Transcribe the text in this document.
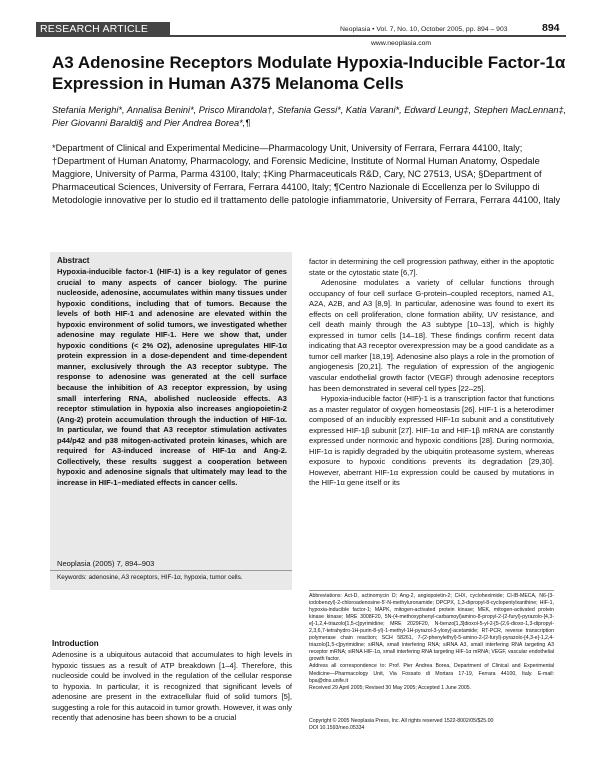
RESEARCH ARTICLE	Neoplasia • Vol. 7, No. 10, October 2005, pp. 894 – 903	894
www.neoplasia.com
A3 Adenosine Receptors Modulate Hypoxia-Inducible Factor-1α Expression in Human A375 Melanoma Cells
Stefania Merighi*, Annalisa Benini*, Prisco Mirandola†, Stefania Gessi*, Katia Varani*, Edward Leung‡, Stephen MacLennan‡, Pier Giovanni Baraldi§ and Pier Andrea Borea*,¶
*Department of Clinical and Experimental Medicine—Pharmacology Unit, University of Ferrara, Ferrara 44100, Italy; †Department of Human Anatomy, Pharmacology, and Forensic Medicine, Institute of Normal Human Anatomy, Ospedale Maggiore, University of Parma, Parma 43100, Italy; ‡King Pharmaceuticals R&D, Cary, NC 27513, USA; §Department of Pharmaceutical Sciences, University of Ferrara, Ferrara 44100, Italy; ¶Centro Nazionale di Eccellenza per lo Sviluppo di Metodologie innovative per lo studio ed il trattamento delle patologie infiammatorie, University of Ferrara, Ferrara 44100, Italy
Abstract
Hypoxia-inducible factor-1 (HIF-1) is a key regulator of genes crucial to many aspects of cancer biology. The purine nucleoside, adenosine, accumulates within many tissues under hypoxic conditions, including that of tumors. Because the levels of both HIF-1 and adenosine are elevated within the hypoxic environment of solid tumors, we investigated whether adenosine may regulate HIF-1. Here we show that, under hypoxic conditions (< 2% O2), adenosine upregulates HIF-1α protein expression in a dose-dependent and time-dependent manner, exclusively through the A3 receptor subtype. The response to adenosine was generated at the cell surface because the inhibition of A3 receptor expression, by using small interfering RNA, abolished nucleoside effects. A3 receptor stimulation in hypoxia also increases angiopoietin-2 (Ang-2) protein accumulation through the induction of HIF-1α. In particular, we found that A3 receptor stimulation activates p44/p42 and p38 mitogen-activated protein kinases, which are required for A3-induced increase of HIF-1α and Ang-2. Collectively, these results suggest a cooperation between hypoxic and adenosine signals that ultimately may lead to the increase in HIF-1–mediated effects in cancer cells.
Neoplasia (2005) 7, 894–903
Keywords: adenosine, A3 receptors, HIF-1α, hypoxia, tumor cells.

factor in determining the cell progression pathway, either in the apoptotic state or the cytostatic state [6,7].

Adenosine modulates a variety of cellular functions through occupancy of four cell surface G-protein–coupled receptors, named A1, A2A, A2B, and A3 [8,9]. In particular, adenosine was found to exert its effects on cell proliferation, clone formation ability, UV resistance, and cell death mainly through the A3 subtype [10–13], which is highly expressed in tumor cells [14–18]. These findings confirm recent data indicating that A3 receptor overexpression may be a good candidate as a tumor cell marker [18,19]. Adenosine also plays a role in the promotion of angiogenesis [20,21]. The regulation of expression of the angiogenic vascular endothelial growth factor (VEGF) through adenosine receptors has been demonstrated in several cell types [22–25].

Hypoxia-inducible factor (HIF)-1 is a transcription factor that functions as a master regulator of oxygen homeostasis [26]. HIF-1 is a heterodimer composed of an inducibly expressed HIF-1α subunit and a constitutively expressed HIF-1β subunit [27]. HIF-1α and HIF-1β mRNA are constantly expressed under normoxic and hypoxic conditions [28]. During normoxia, HIF-1α is rapidly degraded by the ubiquitin proteasome system, whereas exposure to hypoxic conditions prevents its degradation [29,30]. However, aberrant HIF-1α expression could be caused by mutations in the HIF-1α gene itself or its

Abbreviations: Act-D, actinomycin D; Ang-2, angiopoietin-2; CHX, cycloheximide; Cl-IB-MECA, N6-(3-iodobenzyl)-2-chloroadenosine-5′-N-methyluronamide; DPCPX, 1,3-dipropyl-8-cyclopentylxanthine; HIF-1, hypoxia-inducible factor-1; MAPK, mitogen-activated protein kinase; MEK, mitogen-activated protein kinase kinase; MRE 3008F20, 5N-(4-methoxyphenyl-carbamoyl)amino-8-propyl-2-(2-furyl)-pyrazolo-[4,3-e]-1,2,4-triazolo[1,5-c]pyrimidine; MRE 2029F20, N-benzo[1,3]dioxol-5-yl-2-[5-(2,6-dioxo-1,3-dipropyl-2,3,6,7-tetrahydro-1H-purin-8-yl)-1-methyl-1H-pyrazol-3-yloxy]-acetamide; RT-PCR, reverse transcription polymerase chain reaction; SCH 58261, 7-(2-phenylethyl)-5-amino-2-(2-furyl)-pyrazolo-[4,3-e]-1,2,4-triazolo[1,5-c]pyrimidine; siRNA, small interfering RNA; siRNA A3, small interfering RNA targeting A3 receptor mRNA; siRNA HIF-1α, small interfering RNA targeting HIF-1α mRNA; VEGF, vascular endothelial growth factor.
Address all correspondence to: Prof. Pier Andrea Borea, Department of Clinical and Experimental Medicine—Pharmacology Unit, Via Fossato di Mortara 17-19, Ferrara 44100, Italy. E-mail: bpa@dns.unife.it
Received 29 April 2005; Revised 30 May 2005; Accepted 1 June 2005.
Copyright © 2005 Neoplasia Press, Inc. All rights reserved 1522-8002/05/$25.00
DOI 10.1593/neo.05334
Introduction

Adenosine is a ubiquitous autacoid that accumulates to high levels in hypoxic tissues as a result of ATP breakdown [1–4]. Therefore, this nucleoside could be involved in the regulation of the cellular response to hypoxia. In particular, it is recognized that significant levels of adenosine are present in the extracellular fluid of solid tumors [5], suggesting a role for this autacoid in tumor growth. However, it was only recently that adenosine has been shown to be a crucial
